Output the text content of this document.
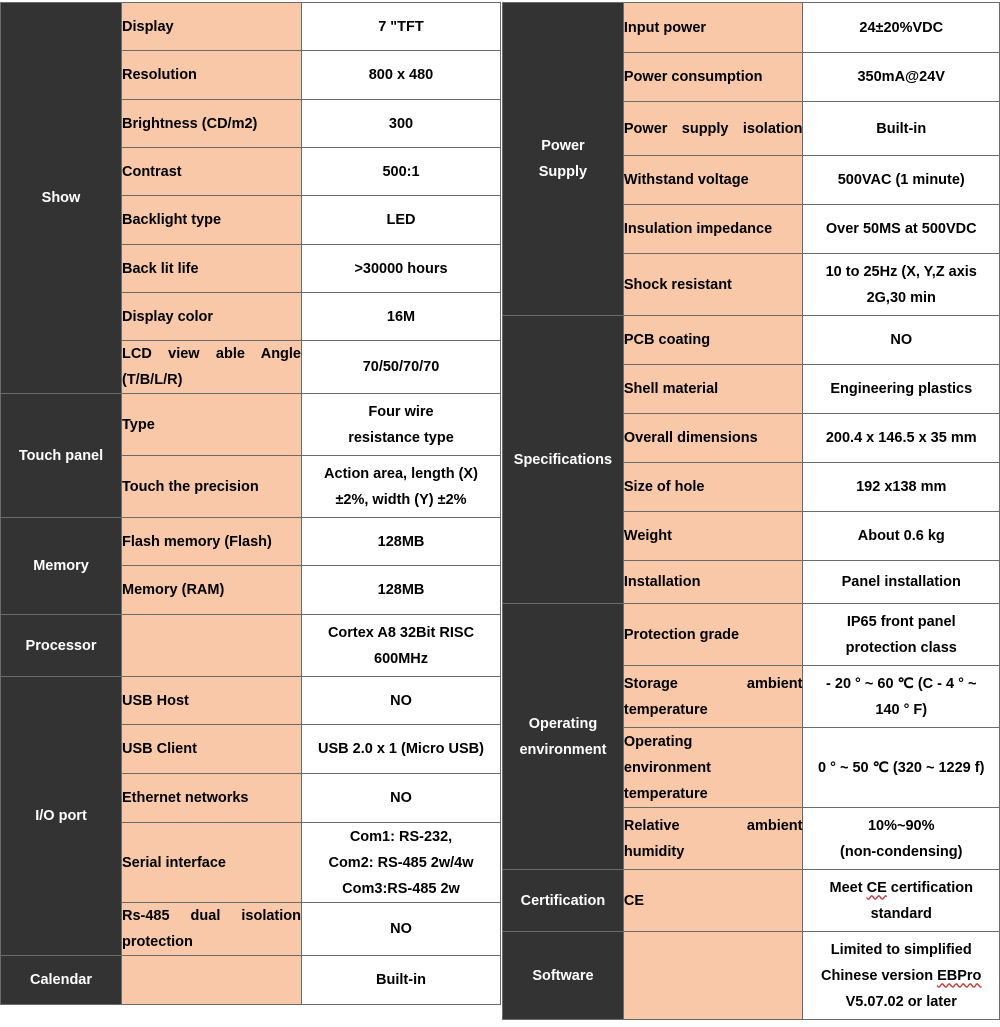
Show	Display	7 "TFT
	Resolution	800 x 480
	Brightness (CD/m2)	300
	Contrast	500:1
	Backlight type	LED
	Back lit life	>30000 hours
	Display color	16M
	LCD view able Angle (T/B/L/R)	70/50/70/70
Touch panel	Type	Four wire
resistance type

	Touch the precision	Action area, length (X)
±2%, width (Y) ±2%

Memory	Flash memory (Flash)	128MB
	Memory (RAM)	128MB
Processor		Cortex A8 32Bit RISC
600MHz

I/O port	USB Host	NO
	USB Client	USB 2.0 x 1 (Micro USB)
	Ethernet networks	NO
	Serial interface	Com1: RS-232,
Com2: RS-485 2w/4w
Com3:RS-485 2w

	Rs-485 dual isolation protection	NO
Calendar		Built-in
Power
Supply	Input power	24±20%VDC
	Power consumption	350mA@24V
	Power supply isolation	Built-in
	Withstand voltage	500VAC (1 minute)
	Insulation impedance	Over 50MS at 500VDC
	Shock resistant	10 to 25Hz (X, Y,Z axis
2G,30 min

Specifications	PCB coating	NO
	Shell material	Engineering plastics
	Overall dimensions	200.4 x 146.5 x 35 mm
	Size of hole	192 x138 mm
	Weight	About 0.6 kg
	Installation	Panel installation

Operating
environment	Protection grade	IP65 front panel
protection class

	Storage ambient temperature	- 20 ° ~ 60 ℃ (C - 4 ° ~
140 ° F)

	Operating
environment
temperature	0 ° ~ 50 ℃ (320 ~ 1229 f)
	Relative ambient humidity	10%~90%
(non-condensing)

Certification	CE	Meet CE certification
standard

Software		Limited to simplified
Chinese version EBPro
V5.07.02 or later
